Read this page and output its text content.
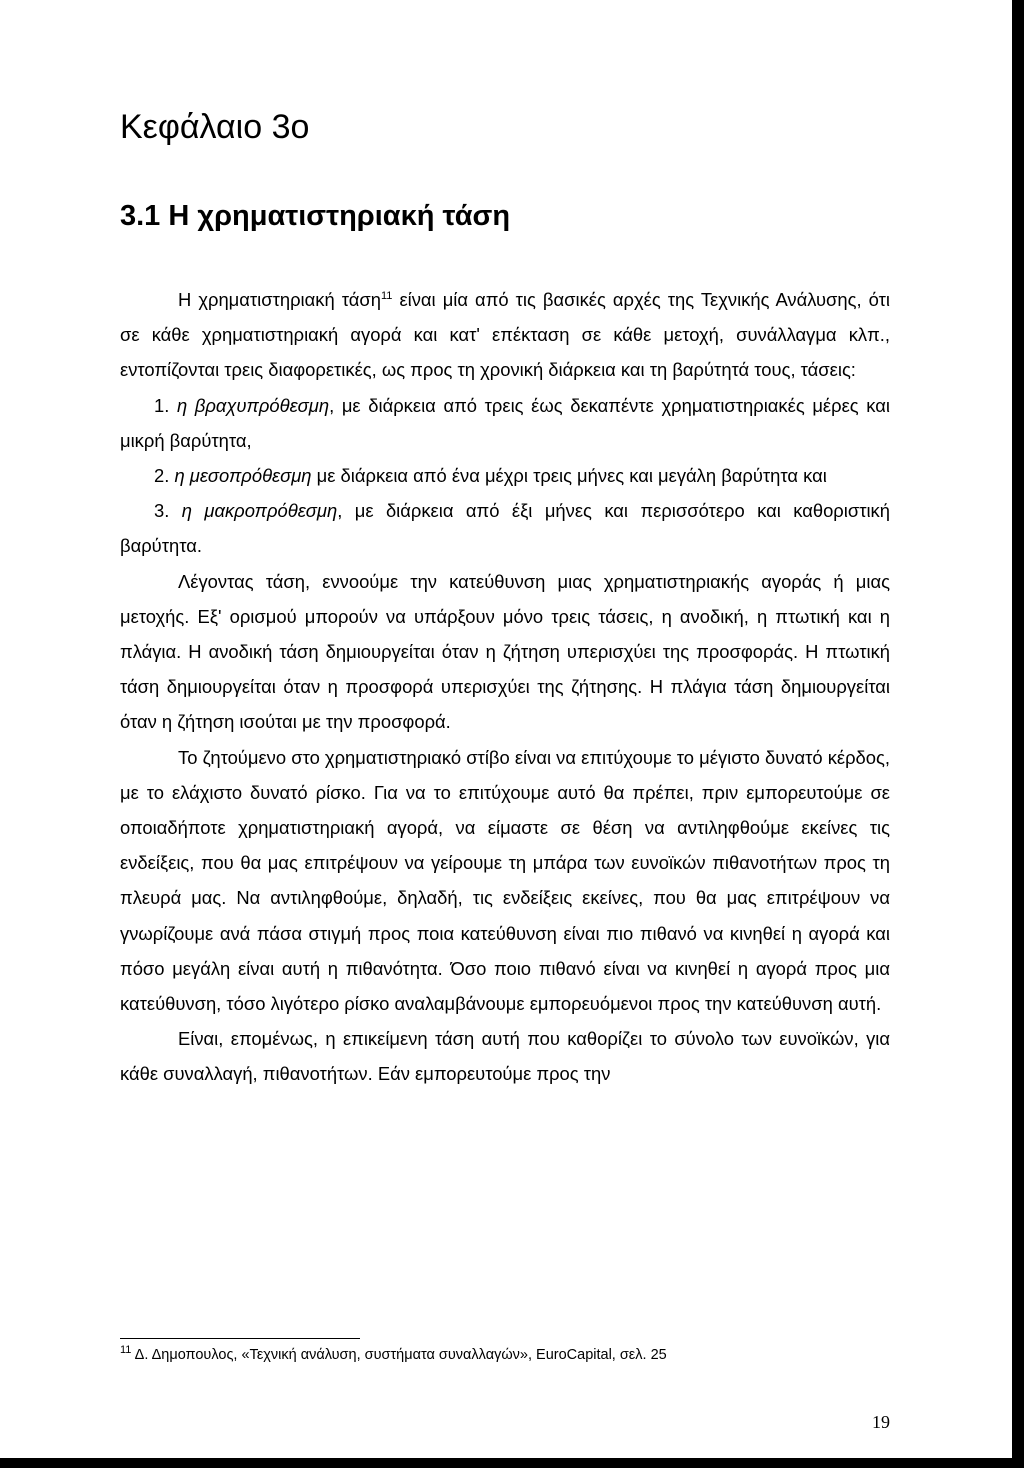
Κεφάλαιο 3ο
3.1 Η χρηματιστηριακή τάση

Η χρηματιστηριακή τάση$^{11}$ είναι μία από τις βασικές αρχές της Τεχνικής Ανάλυσης, ότι σε κάθε χρηματιστηριακή αγορά και κατ' επέκταση σε κάθε μετοχή, συνάλλαγμα κλπ., εντοπίζονται τρεις διαφορετικές, ως προς τη χρονική διάρκεια και τη βαρύτητά τους, τάσεις:

1. η βραχυπρόθεσμη, με διάρκεια από τρεις έως δεκαπέντε χρηματιστηριακές μέρες και μικρή βαρύτητα,

2. η μεσοπρόθεσμη με διάρκεια από ένα μέχρι τρεις μήνες και μεγάλη βαρύτητα και

3. η μακροπρόθεσμη, με διάρκεια από έξι μήνες και περισσότερο και καθοριστική βαρύτητα.

Λέγοντας τάση, εννοούμε την κατεύθυνση μιας χρηματιστηριακής αγοράς ή μιας μετοχής. Εξ' ορισμού μπορούν να υπάρξουν μόνο τρεις τάσεις, η ανοδική, η πτωτική και η πλάγια. Η ανοδική τάση δημιουργείται όταν η ζήτηση υπερισχύει της προσφοράς. Η πτωτική τάση δημιουργείται όταν η προσφορά υπερισχύει της ζήτησης. Η πλάγια τάση δημιουργείται όταν η ζήτηση ισούται με την προσφορά.

Το ζητούμενο στο χρηματιστηριακό στίβο είναι να επιτύχουμε το μέγιστο δυνατό κέρδος, με το ελάχιστο δυνατό ρίσκο. Για να το επιτύχουμε αυτό θα πρέπει, πριν εμπορευτούμε σε οποιαδήποτε χρηματιστηριακή αγορά, να είμαστε σε θέση να αντιληφθούμε εκείνες τις ενδείξεις, που θα μας επιτρέψουν να γείρουμε τη μπάρα των ευνοϊκών πιθανοτήτων προς τη πλευρά μας. Να αντιληφθούμε, δηλαδή, τις ενδείξεις εκείνες, που θα μας επιτρέψουν να γνωρίζουμε ανά πάσα στιγμή προς ποια κατεύθυνση είναι πιο πιθανό να κινηθεί η αγορά και πόσο μεγάλη είναι αυτή η πιθανότητα. Όσο ποιο πιθανό είναι να κινηθεί η αγορά προς μια κατεύθυνση, τόσο λιγότερο ρίσκο αναλαμβάνουμε εμπορευόμενοι προς την κατεύθυνση αυτή.

Είναι, επομένως, η επικείμενη τάση αυτή που καθορίζει το σύνολο των ευνοϊκών, για κάθε συναλλαγή, πιθανοτήτων. Εάν εμπορευτούμε προς την

$^{11}$ Δ. Δημοπουλος, «Τεχνική ανάλυση, συστήματα συναλλαγών», EuroCapital, σελ. 25
19
